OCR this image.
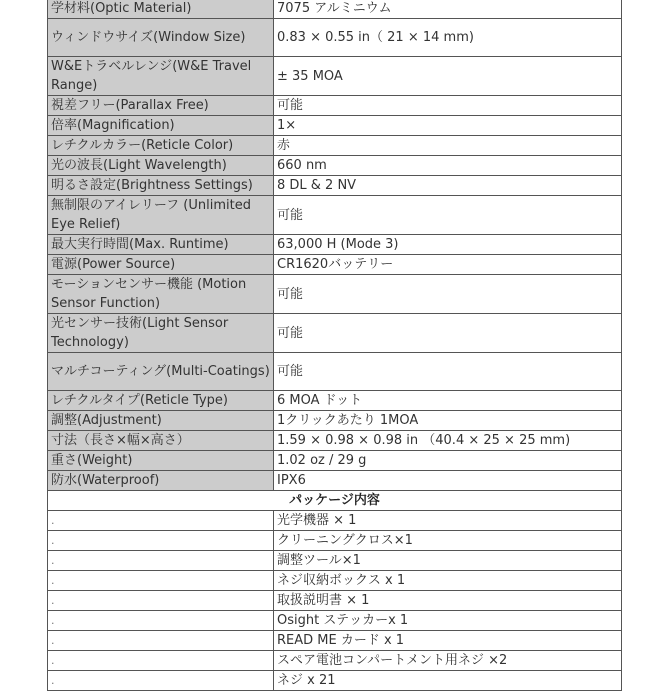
学材料(Optic Material)	7075 アルミニウム
ウィンドウサイズ(Window Size)	0.83 × 0.55 in（ 21 × 14 mm)
W&Eトラベルレンジ(W&E Travel Range)	± 35 MOA
視差フリー(Parallax Free)	可能
倍率(Magnification)	1×
レチクルカラー(Reticle Color)	赤
光の波長(Light Wavelength)	660 nm
明るさ設定(Brightness Settings)	8 DL & 2 NV
無制限のアイレリーフ (Unlimited Eye Relief)	可能
最大実行時間(Max. Runtime)	63,000 H (Mode 3)
電源(Power Source)	CR1620バッテリー
モーションセンサー機能 (Motion Sensor Function)	可能
光センサー技術(Light Sensor Technology)	可能
マルチコーティング(Multi-Coatings)	可能
レチクルタイプ(Reticle Type)	6 MOA ドット
調整(Adjustment)	1クリックあたり 1MOA
寸法（長さ×幅×高さ）	1.59 × 0.98 × 0.98 in （40.4 × 25 × 25 mm)
重さ(Weight)	1.02 oz / 29 g
防水(Waterproof)	IPX6
パッケージ内容	
.	光学機器 × 1
.	クリーニングクロス×1
.	調整ツール×1
.	ネジ収納ボックス x 1
.	取扱説明書 × 1
.	Osight ステッカーx 1
.	READ ME カード x 1
.	スペア電池コンパートメント用ネジ ×2
.	ネジ x 21
